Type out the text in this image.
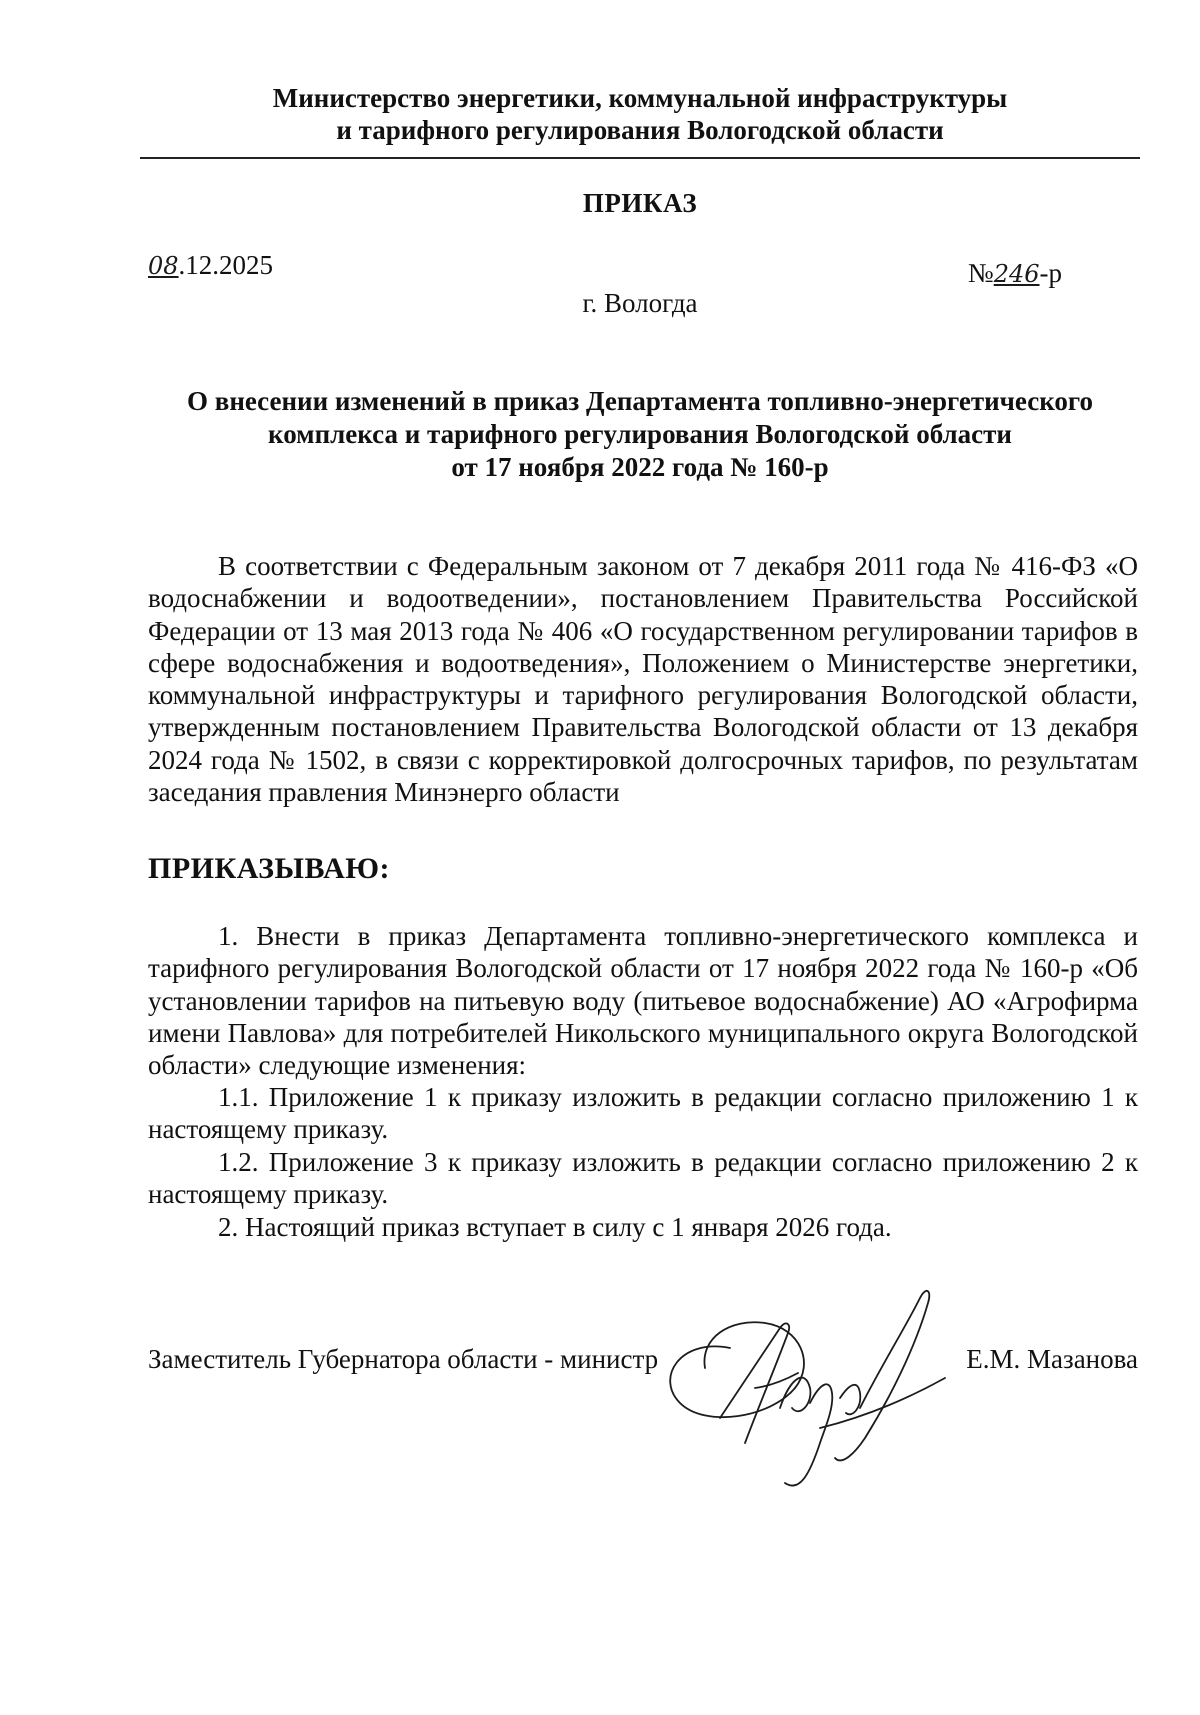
Министерство энергетики, коммунальной инфраструктуры
и тарифного регулирования Вологодской области
ПРИКАЗ
08.12.2025	№246-р
г. Вологда
О внесении изменений в приказ Департамента топливно-энергетического
комплекса и тарифного регулирования Вологодской области
от 17 ноября 2022 года № 160-р
В соответствии с Федеральным законом от 7 декабря 2011 года № 416-ФЗ «О водоснабжении и водоотведении», постановлением Правительства Российской Федерации от 13 мая 2013 года № 406 «О государственном регулировании тарифов в сфере водоснабжения и водоотведения», Положением о Министерстве энергетики, коммунальной инфраструктуры и тарифного регулирования Вологодской области, утвержденным постановлением Правительства Вологодской области от 13 декабря 2024 года № 1502, в связи с корректировкой долгосрочных тарифов, по результатам заседания правления Минэнерго области
ПРИКАЗЫВАЮ:
1. Внести в приказ Департамента топливно-энергетического комплекса и тарифного регулирования Вологодской области от 17 ноября 2022 года № 160-р «Об установлении тарифов на питьевую воду (питьевое водоснабжение) АО «Агрофирма имени Павлова» для потребителей Никольского муниципального округа Вологодской области» следующие изменения:
1.1. Приложение 1 к приказу изложить в редакции согласно приложению 1 к настоящему приказу.
1.2. Приложение 3 к приказу изложить в редакции согласно приложению 2 к настоящему приказу.
2. Настоящий приказ вступает в силу с 1 января 2026 года.
Заместитель Губернатора области - министр	Е.М. Мазанова
